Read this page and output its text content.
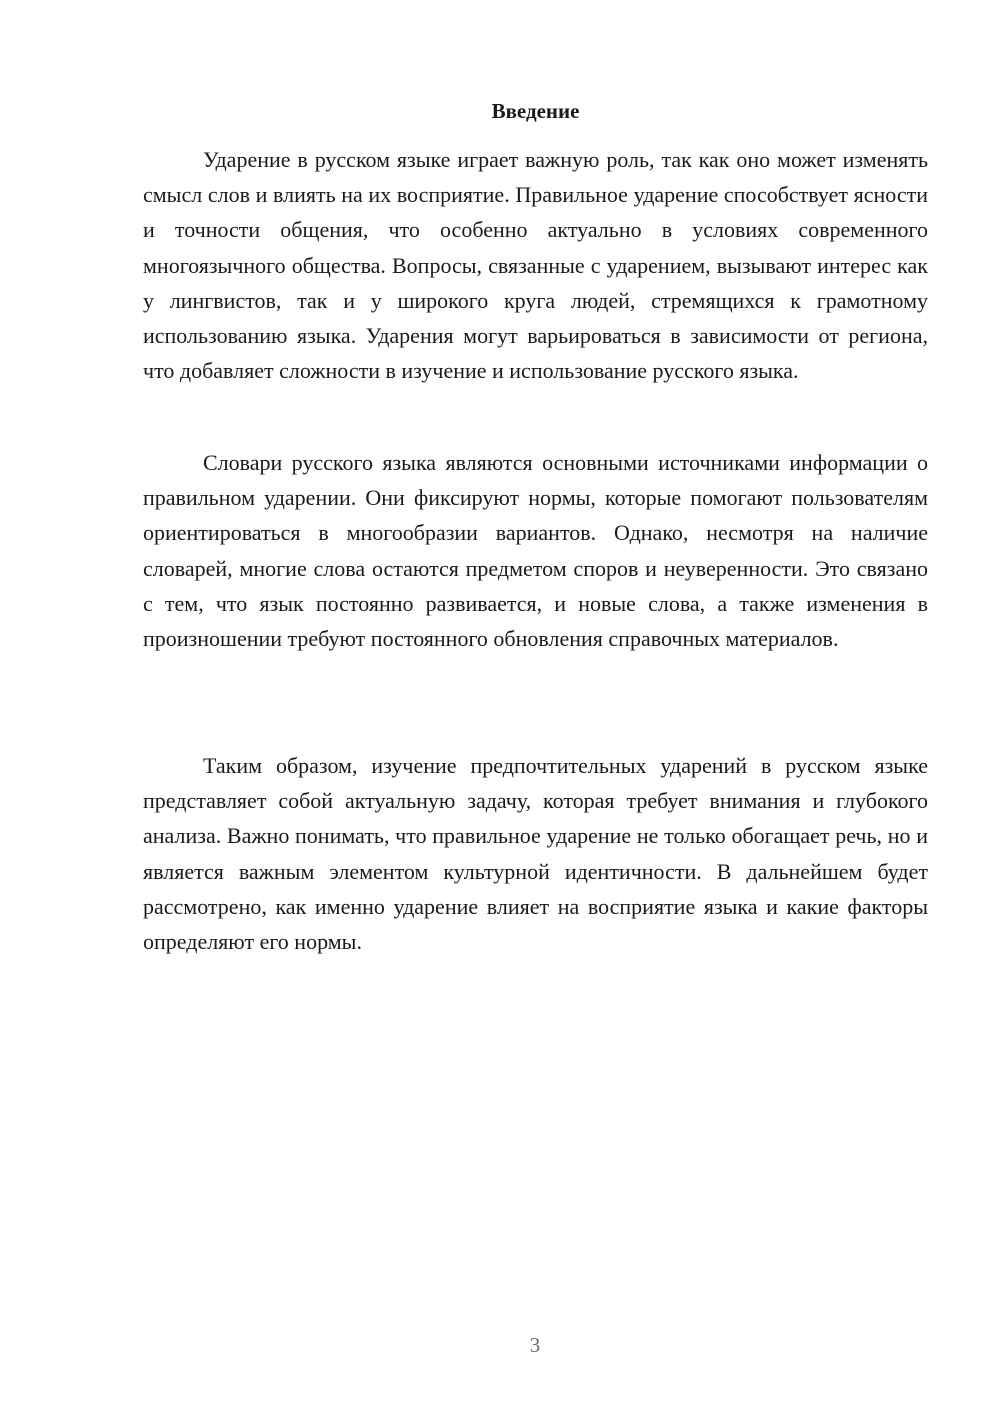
Введение

Ударение в русском языке играет важную роль, так как оно может изменять смысл слов и влиять на их восприятие. Правильное ударение способствует ясности и точности общения, что особенно актуально в условиях современного многоязычного общества. Вопросы, связанные с ударением, вызывают интерес как у лингвистов, так и у широкого круга людей, стремящихся к грамотному использованию языка. Ударения могут варьироваться в зависимости от региона, что добавляет сложности в изучение и использование русского языка.

Словари русского языка являются основными источниками информации о правильном ударении. Они фиксируют нормы, которые помогают пользователям ориентироваться в многообразии вариантов. Однако, несмотря на наличие словарей, многие слова остаются предметом споров и неуверенности. Это связано с тем, что язык постоянно развивается, и новые слова, а также изменения в произношении требуют постоянного обновления справочных материалов.

Таким образом, изучение предпочтительных ударений в русском языке представляет собой актуальную задачу, которая требует внимания и глубокого анализа. Важно понимать, что правильное ударение не только обогащает речь, но и является важным элементом культурной идентичности. В дальнейшем будет рассмотрено, как именно ударение влияет на восприятие языка и какие факторы определяют его нормы.

3
